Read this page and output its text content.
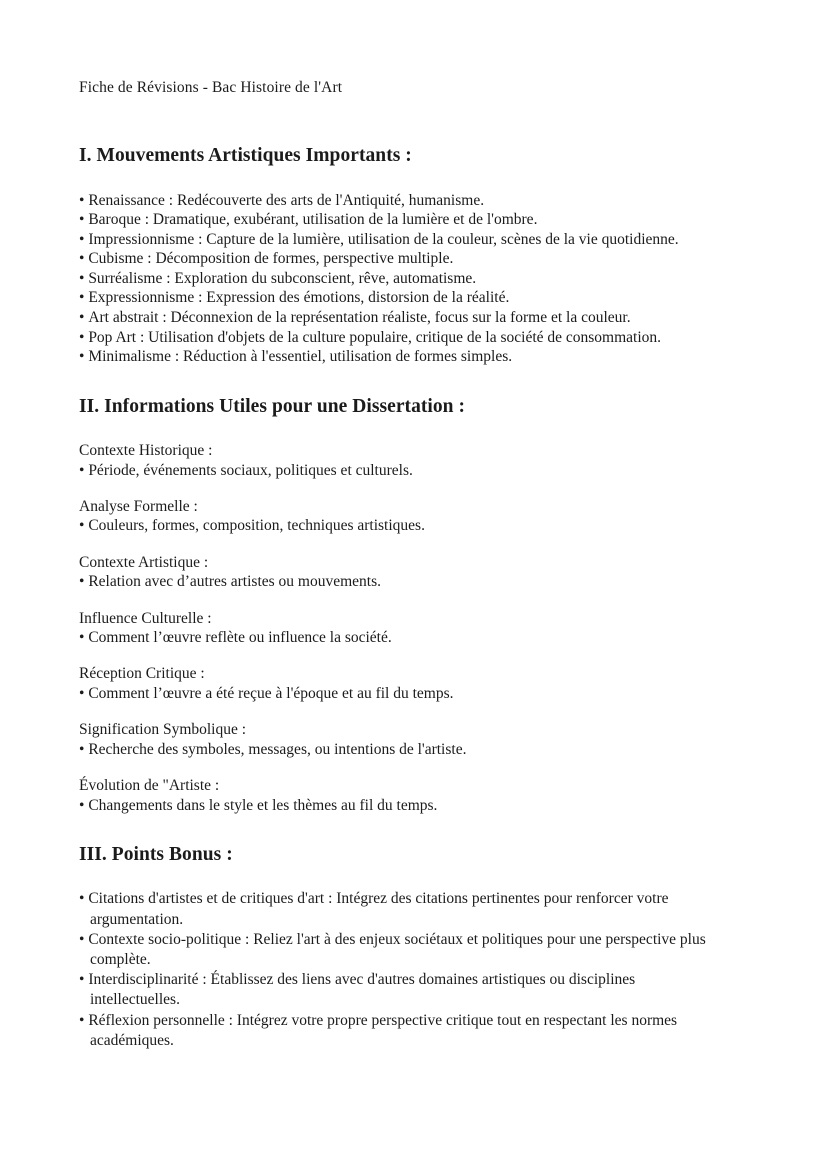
Fiche de Révisions - Bac Histoire de l'Art

I. Mouvements Artistiques Importants :
• Renaissance : Redécouverte des arts de l'Antiquité, humanisme.
• Baroque : Dramatique, exubérant, utilisation de la lumière et de l'ombre.
• Impressionnisme : Capture de la lumière, utilisation de la couleur, scènes de la vie quotidienne.
• Cubisme : Décomposition de formes, perspective multiple.
• Surréalisme : Exploration du subconscient, rêve, automatisme.
• Expressionnisme : Expression des émotions, distorsion de la réalité.
• Art abstrait : Déconnexion de la représentation réaliste, focus sur la forme et la couleur.
• Pop Art : Utilisation d'objets de la culture populaire, critique de la société de consommation.
• Minimalisme : Réduction à l'essentiel, utilisation de formes simples.
II. Informations Utiles pour une Dissertation :

Contexte Historique :

• Période, événements sociaux, politiques et culturels.

Analyse Formelle :

• Couleurs, formes, composition, techniques artistiques.

Contexte Artistique :

• Relation avec d’autres artistes ou mouvements.

Influence Culturelle :

• Comment l’œuvre reflète ou influence la société.

Réception Critique :

• Comment l’œuvre a été reçue à l'époque et au fil du temps.

Signification Symbolique :

• Recherche des symboles, messages, ou intentions de l'artiste.

Évolution de "Artiste :

• Changements dans le style et les thèmes au fil du temps.
III. Points Bonus :
• Citations d'artistes et de critiques d'art : Intégrez des citations pertinentes pour renforcer votre argumentation.
• Contexte socio-politique : Reliez l'art à des enjeux sociétaux et politiques pour une perspective plus complète.
• Interdisciplinarité : Établissez des liens avec d'autres domaines artistiques ou disciplines intellectuelles.
• Réflexion personnelle : Intégrez votre propre perspective critique tout en respectant les normes académiques.
